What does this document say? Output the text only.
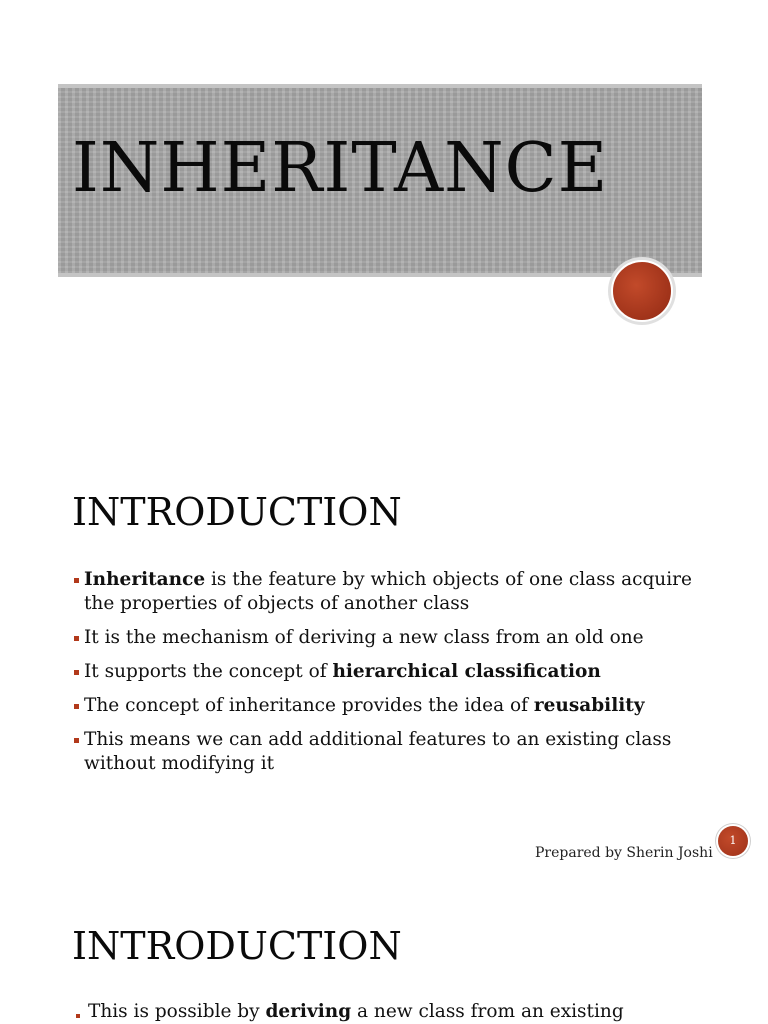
INHERITANCE
INTRODUCTION
Inheritance is the feature by which objects of one class acquire the properties of objects of another class
It is the mechanism of deriving a new class from an old one
It supports the concept of hierarchical classification
The concept of inheritance provides the idea of reusability
This means we can add additional features to an existing class without modifying it
Prepared by Sherin Joshi
1
INTRODUCTION
This is possible by deriving a new class from an existing
